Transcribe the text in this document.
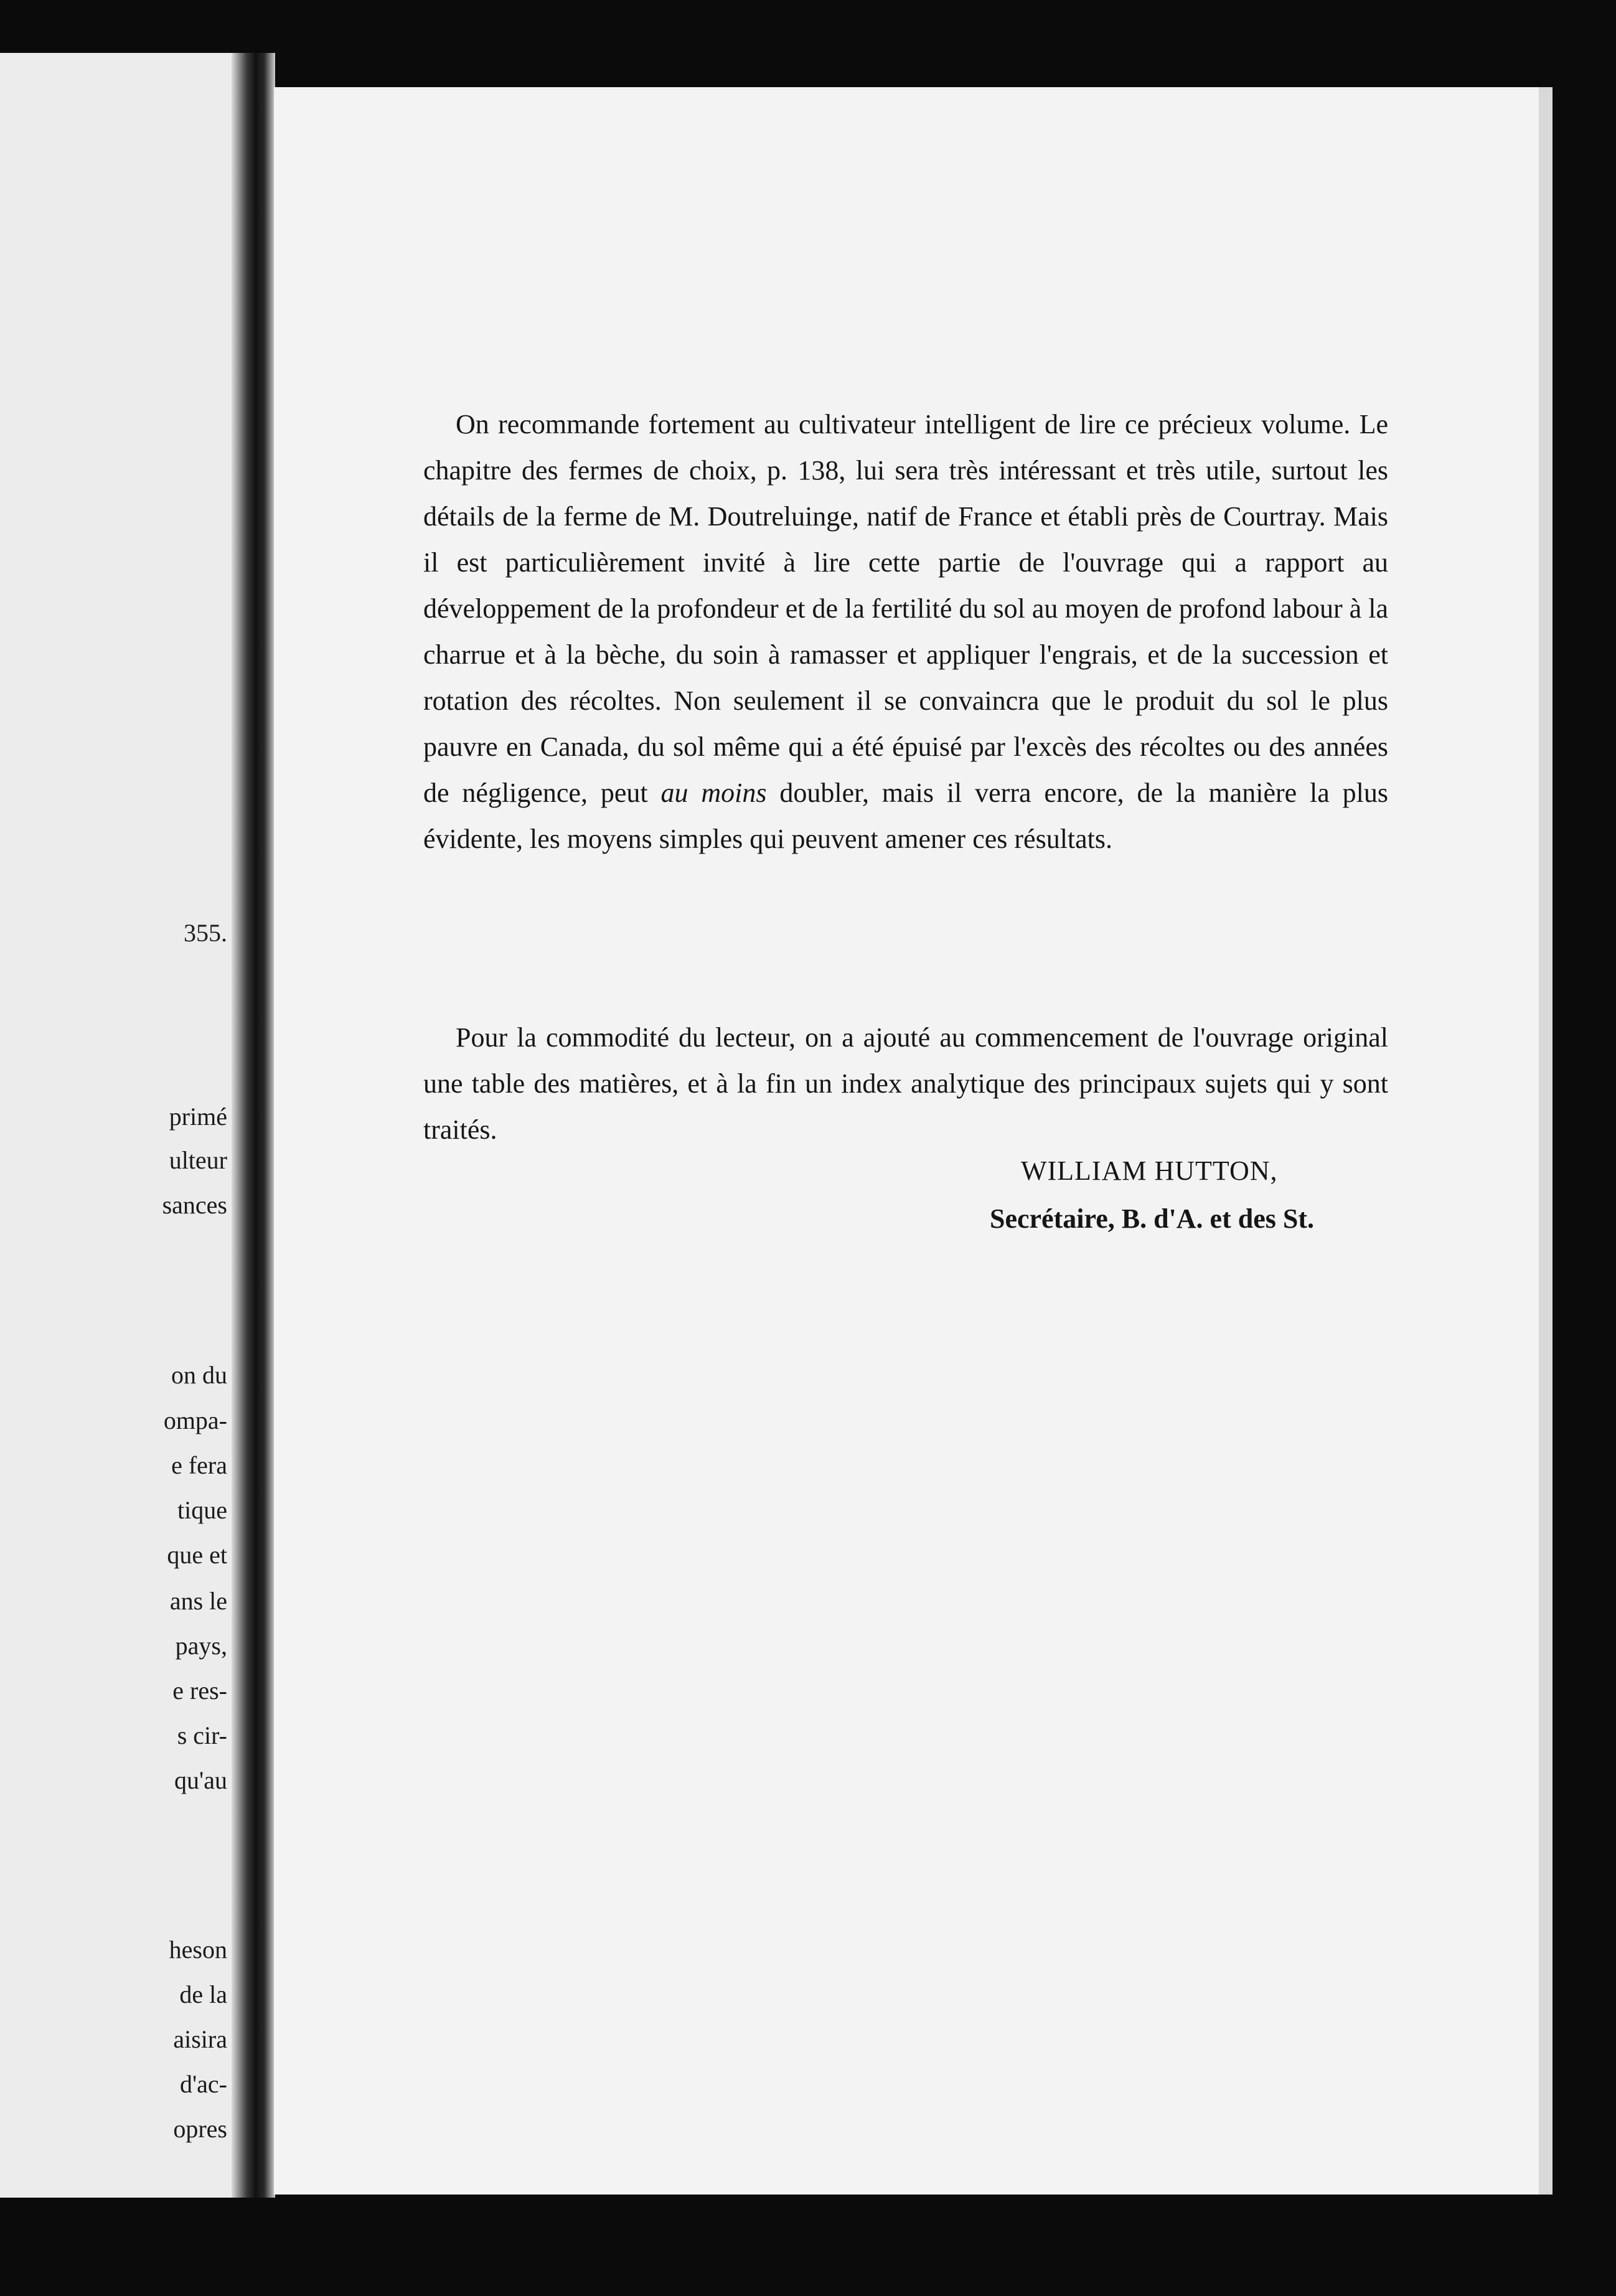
355.
primé
ulteur
sances
on du
ompa-
e fera
tique
que et
ans le
pays,
e res-
s cir-
qu'au
heson
de la
aisira
d'ac-
opres

On recommande fortement au cultivateur intelligent de lire ce précieux volume. Le chapitre des fermes de choix, p. 138, lui sera très intéressant et très utile, surtout les détails de la ferme de M. Doutreluinge, natif de France et établi près de Courtray. Mais il est particulièrement invité à lire cette partie de l'ouvrage qui a rapport au développement de la profondeur et de la fertilité du sol au moyen de profond labour à la charrue et à la bèche, du soin à ramasser et appliquer l'engrais, et de la succession et rotation des récoltes. Non seulement il se convaincra que le produit du sol le plus pauvre en Canada, du sol même qui a été épuisé par l'excès des récoltes ou des années de négligence, peut au moins doubler, mais il verra encore, de la manière la plus évidente, les moyens simples qui peuvent amener ces résultats.

Pour la commodité du lecteur, on a ajouté au commencement de l'ouvrage original une table des matières, et à la fin un index analytique des principaux sujets qui y sont traités.

WILLIAM HUTTON,
Secrétaire, B. d'A. et des St.
